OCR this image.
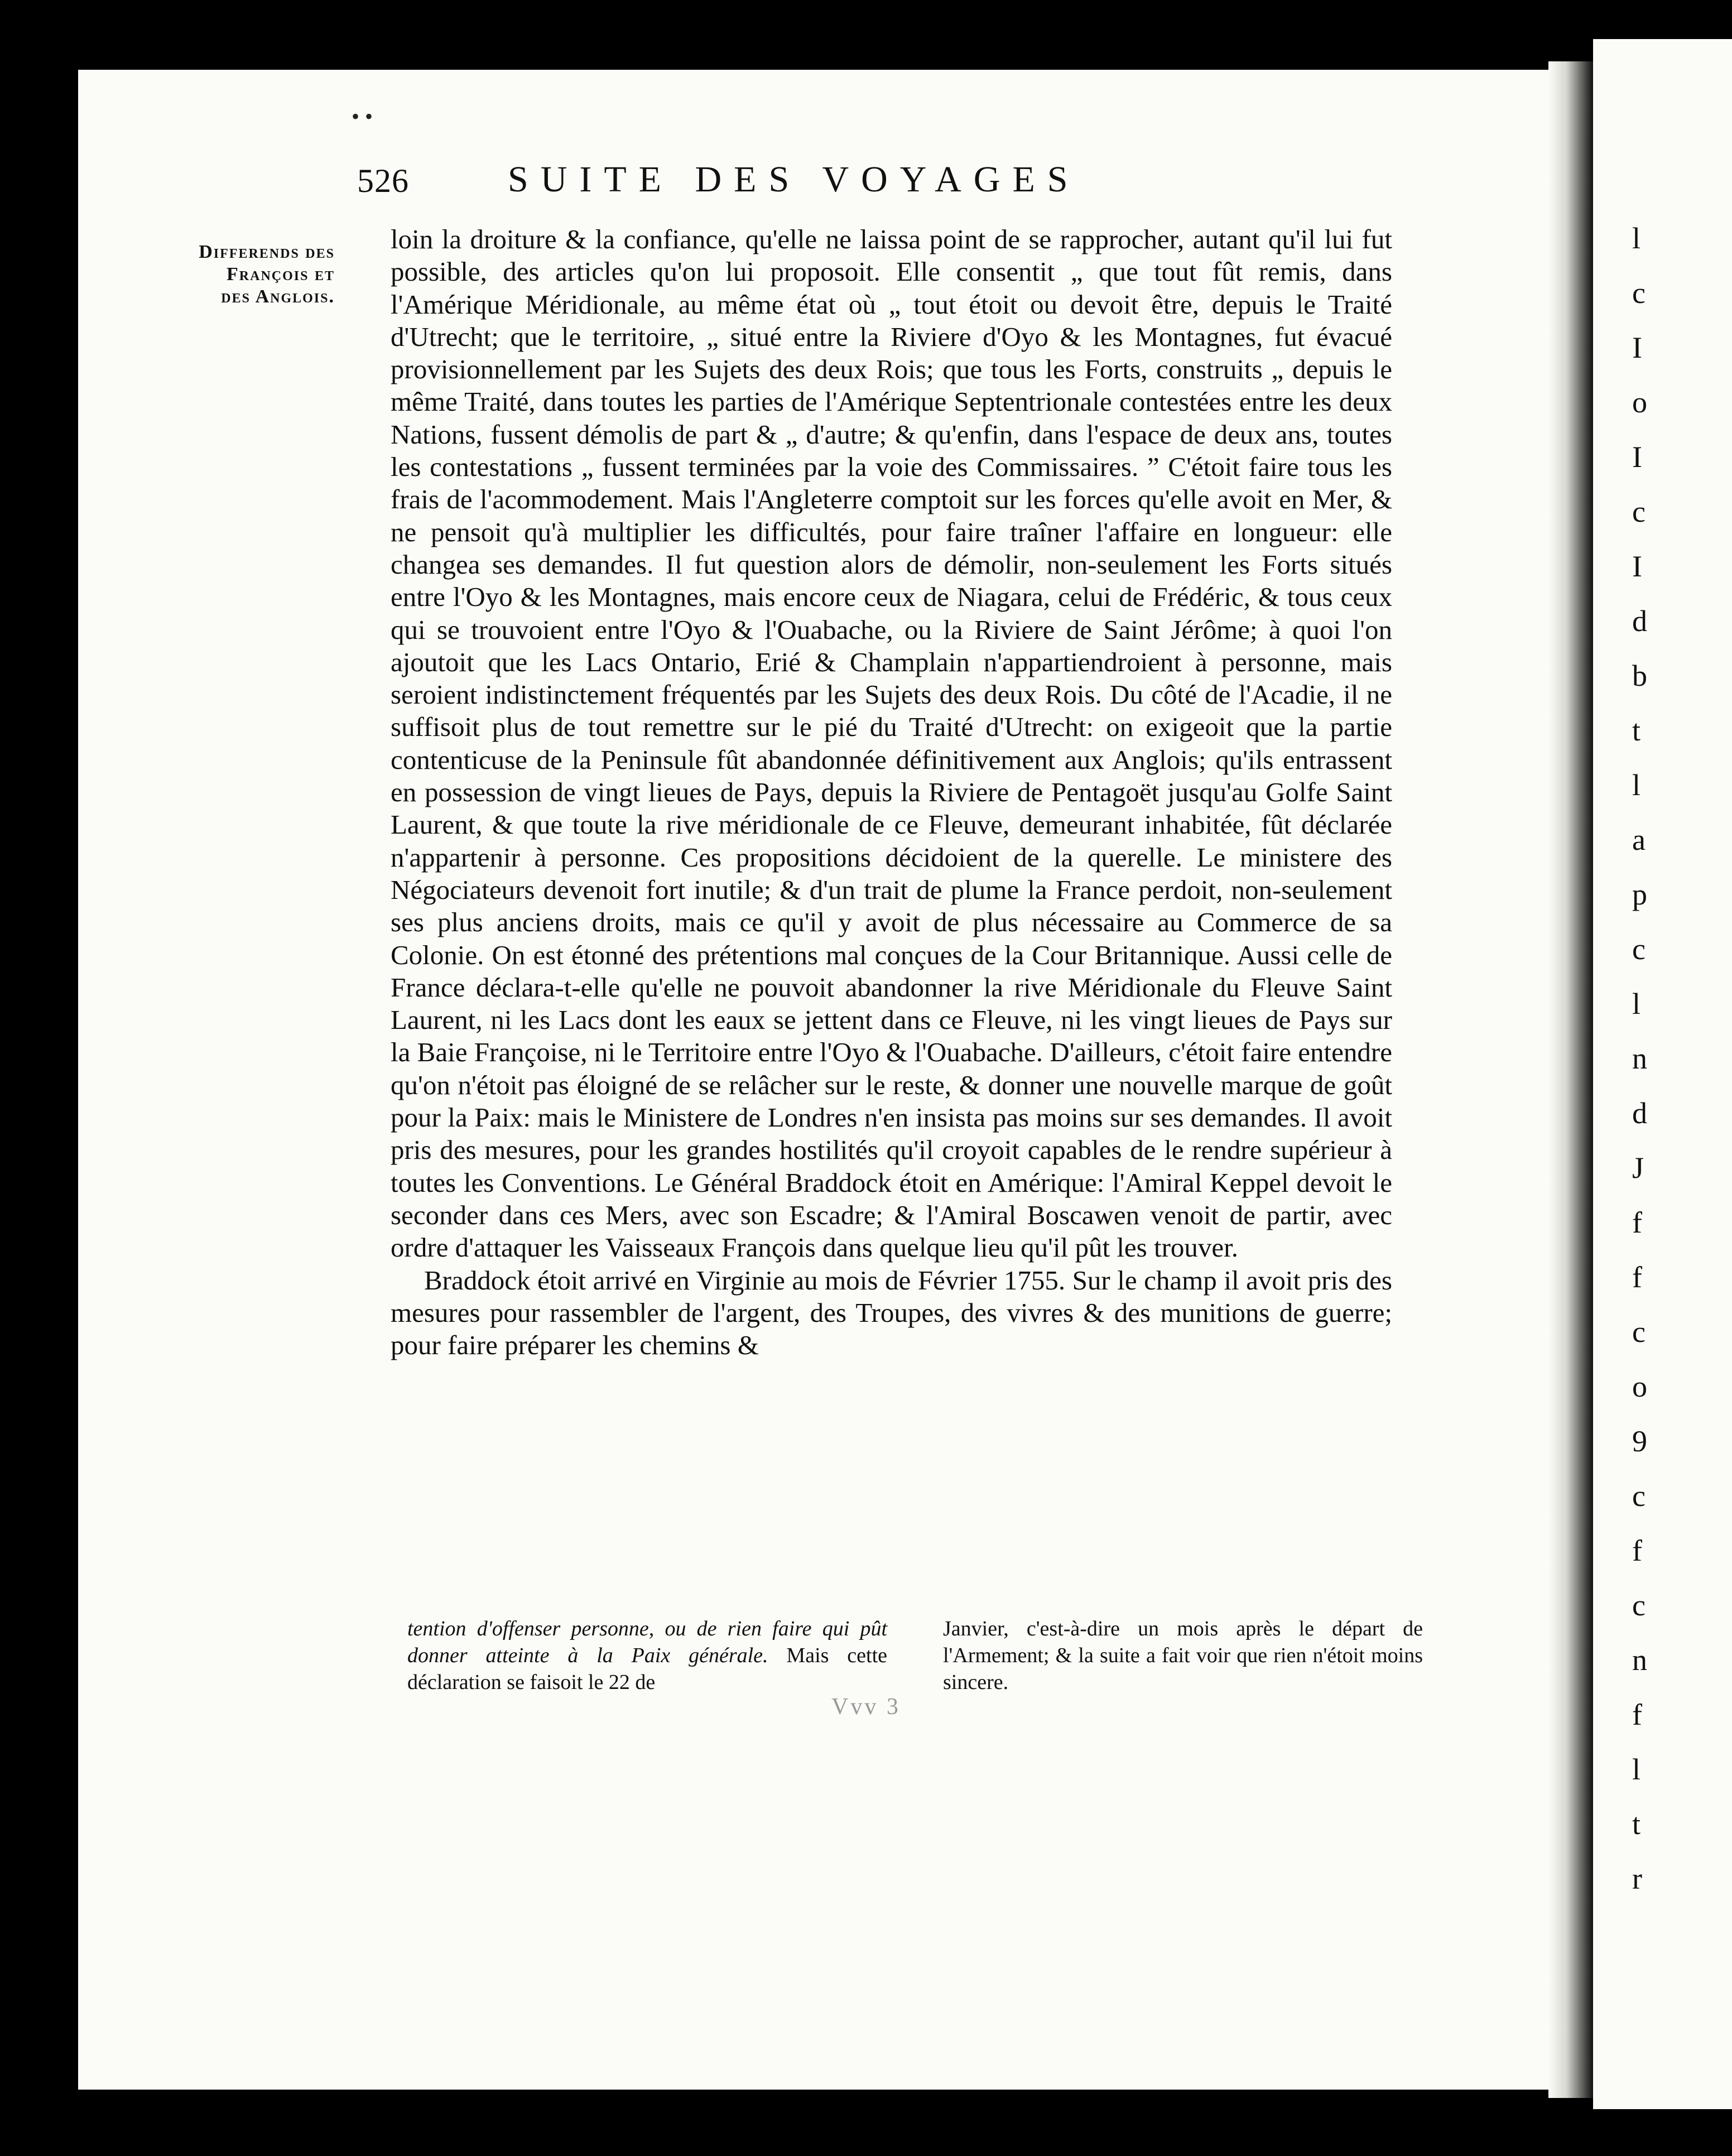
l
c
I
o
I
c
I
d
b
t
l
a
p
c
l
n
d
J
f
f
c
o
9
c
f
c
n
f
l
t
r
• •
526	SUITE DES VOYAGES
Differends des François et des Anglois.

loin la droiture & la confiance, qu'elle ne laissa point de se rapprocher, autant qu'il lui fut possible, des articles qu'on lui proposoit. Elle consentit „ que tout fût remis, dans l'Amérique Méridionale, au même état où „ tout étoit ou devoit être, depuis le Traité d'Utrecht; que le territoire, „ situé entre la Riviere d'Oyo & les Montagnes, fut évacué provisionnellement par les Sujets des deux Rois; que tous les Forts, construits „ depuis le même Traité, dans toutes les parties de l'Amérique Septentrionale contestées entre les deux Nations, fussent démolis de part & „ d'autre; & qu'enfin, dans l'espace de deux ans, toutes les contestations „ fussent terminées par la voie des Commissaires. ” C'étoit faire tous les frais de l'acommodement. Mais l'Angleterre comptoit sur les forces qu'elle avoit en Mer, & ne pensoit qu'à multiplier les difficultés, pour faire traîner l'affaire en longueur: elle changea ses demandes. Il fut question alors de démolir, non-seulement les Forts situés entre l'Oyo & les Montagnes, mais encore ceux de Niagara, celui de Frédéric, & tous ceux qui se trouvoient entre l'Oyo & l'Ouabache, ou la Riviere de Saint Jérôme; à quoi l'on ajoutoit que les Lacs Ontario, Erié & Champlain n'appartiendroient à personne, mais seroient indistinctement fréquentés par les Sujets des deux Rois. Du côté de l'Acadie, il ne suffisoit plus de tout remettre sur le pié du Traité d'Utrecht: on exigeoit que la partie contenticuse de la Peninsule fût abandonnée définitivement aux Anglois; qu'ils entrassent en possession de vingt lieues de Pays, depuis la Riviere de Pentagoët jusqu'au Golfe Saint Laurent, & que toute la rive méridionale de ce Fleuve, demeurant inhabitée, fût déclarée n'appartenir à personne. Ces propositions décidoient de la querelle. Le ministere des Négociateurs devenoit fort inutile; & d'un trait de plume la France perdoit, non-seulement ses plus anciens droits, mais ce qu'il y avoit de plus nécessaire au Commerce de sa Colonie. On est étonné des prétentions mal conçues de la Cour Britannique. Aussi celle de France déclara-t-elle qu'elle ne pouvoit abandonner la rive Méridionale du Fleuve Saint Laurent, ni les Lacs dont les eaux se jettent dans ce Fleuve, ni les vingt lieues de Pays sur la Baie Françoise, ni le Territoire entre l'Oyo & l'Ouabache. D'ailleurs, c'étoit faire entendre qu'on n'étoit pas éloigné de se relâcher sur le reste, & donner une nouvelle marque de goût pour la Paix: mais le Ministere de Londres n'en insista pas moins sur ses demandes. Il avoit pris des mesures, pour les grandes hostilités qu'il croyoit capables de le rendre supérieur à toutes les Conventions. Le Général Braddock étoit en Amérique: l'Amiral Keppel devoit le seconder dans ces Mers, avec son Escadre; & l'Amiral Boscawen venoit de partir, avec ordre d'attaquer les Vaisseaux François dans quelque lieu qu'il pût les trouver.

Braddock étoit arrivé en Virginie au mois de Février 1755. Sur le champ il avoit pris des mesures pour rassembler de l'argent, des Troupes, des vivres & des munitions de guerre; pour faire préparer les chemins &

tention d'offenser personne, ou de rien faire qui pût donner atteinte à la Paix générale. Mais cette déclaration se faisoit le 22 de
Janvier, c'est-à-dire un mois après le départ de l'Armement; & la suite a fait voir que rien n'étoit moins sincere.
Vvv 3
